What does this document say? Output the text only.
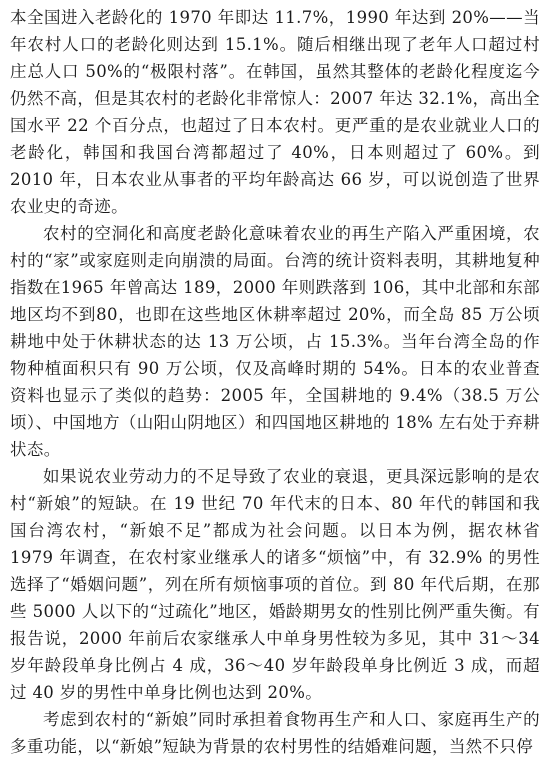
本全国进入老龄化的 1970 年即达 11.7%，1990 年达到 20%——当年农村人口的老龄化则达到 15.1%。随后相继出现了老年人口超过村庄总人口 50%的“极限村落”。在韩国，虽然其整体的老龄化程度迄今仍然不高，但是其农村的老龄化非常惊人：2007 年达 32.1%，高出全国水平 22 个百分点，也超过了日本农村。更严重的是农业就业人口的老龄化，韩国和我国台湾都超过了 40%，日本则超过了 60%。到 2010 年，日本农业从事者的平均年龄高达 66 岁，可以说创造了世界农业史的奇迹。

农村的空洞化和高度老龄化意味着农业的再生产陷入严重困境，农村的“家”或家庭则走向崩溃的局面。台湾的统计资料表明，其耕地复种指数在1965 年曾高达 189，2000 年则跌落到 106，其中北部和东部地区均不到80，也即在这些地区休耕率超过 20%，而全岛 85 万公顷耕地中处于休耕状态的达 13 万公顷，占 15.3%。当年台湾全岛的作物种植面积只有 90 万公顷，仅及高峰时期的 54%。日本的农业普查资料也显示了类似的趋势：2005 年，全国耕地的 9.4%（38.5 万公顷）、中国地方（山阳山阴地区）和四国地区耕地的 18% 左右处于弃耕状态。

如果说农业劳动力的不足导致了农业的衰退，更具深远影响的是农村“新娘”的短缺。在 19 世纪 70 年代末的日本、80 年代的韩国和我国台湾农村，“新娘不足”都成为社会问题。以日本为例，据农林省 1979 年调查，在农村家业继承人的诸多“烦恼”中，有 32.9% 的男性选择了“婚姻问题”，列在所有烦恼事项的首位。到 80 年代后期，在那些 5000 人以下的“过疏化”地区，婚龄期男女的性别比例严重失衡。有报告说，2000 年前后农家继承人中单身男性较为多见，其中 31～34 岁年龄段单身比例占 4 成，36～40 岁年龄段单身比例近 3 成，而超过 40 岁的男性中单身比例也达到 20%。

考虑到农村的“新娘”同时承担着食物再生产和人口、家庭再生产的多重功能，以“新娘”短缺为背景的农村男性的结婚难问题，当然不只停
